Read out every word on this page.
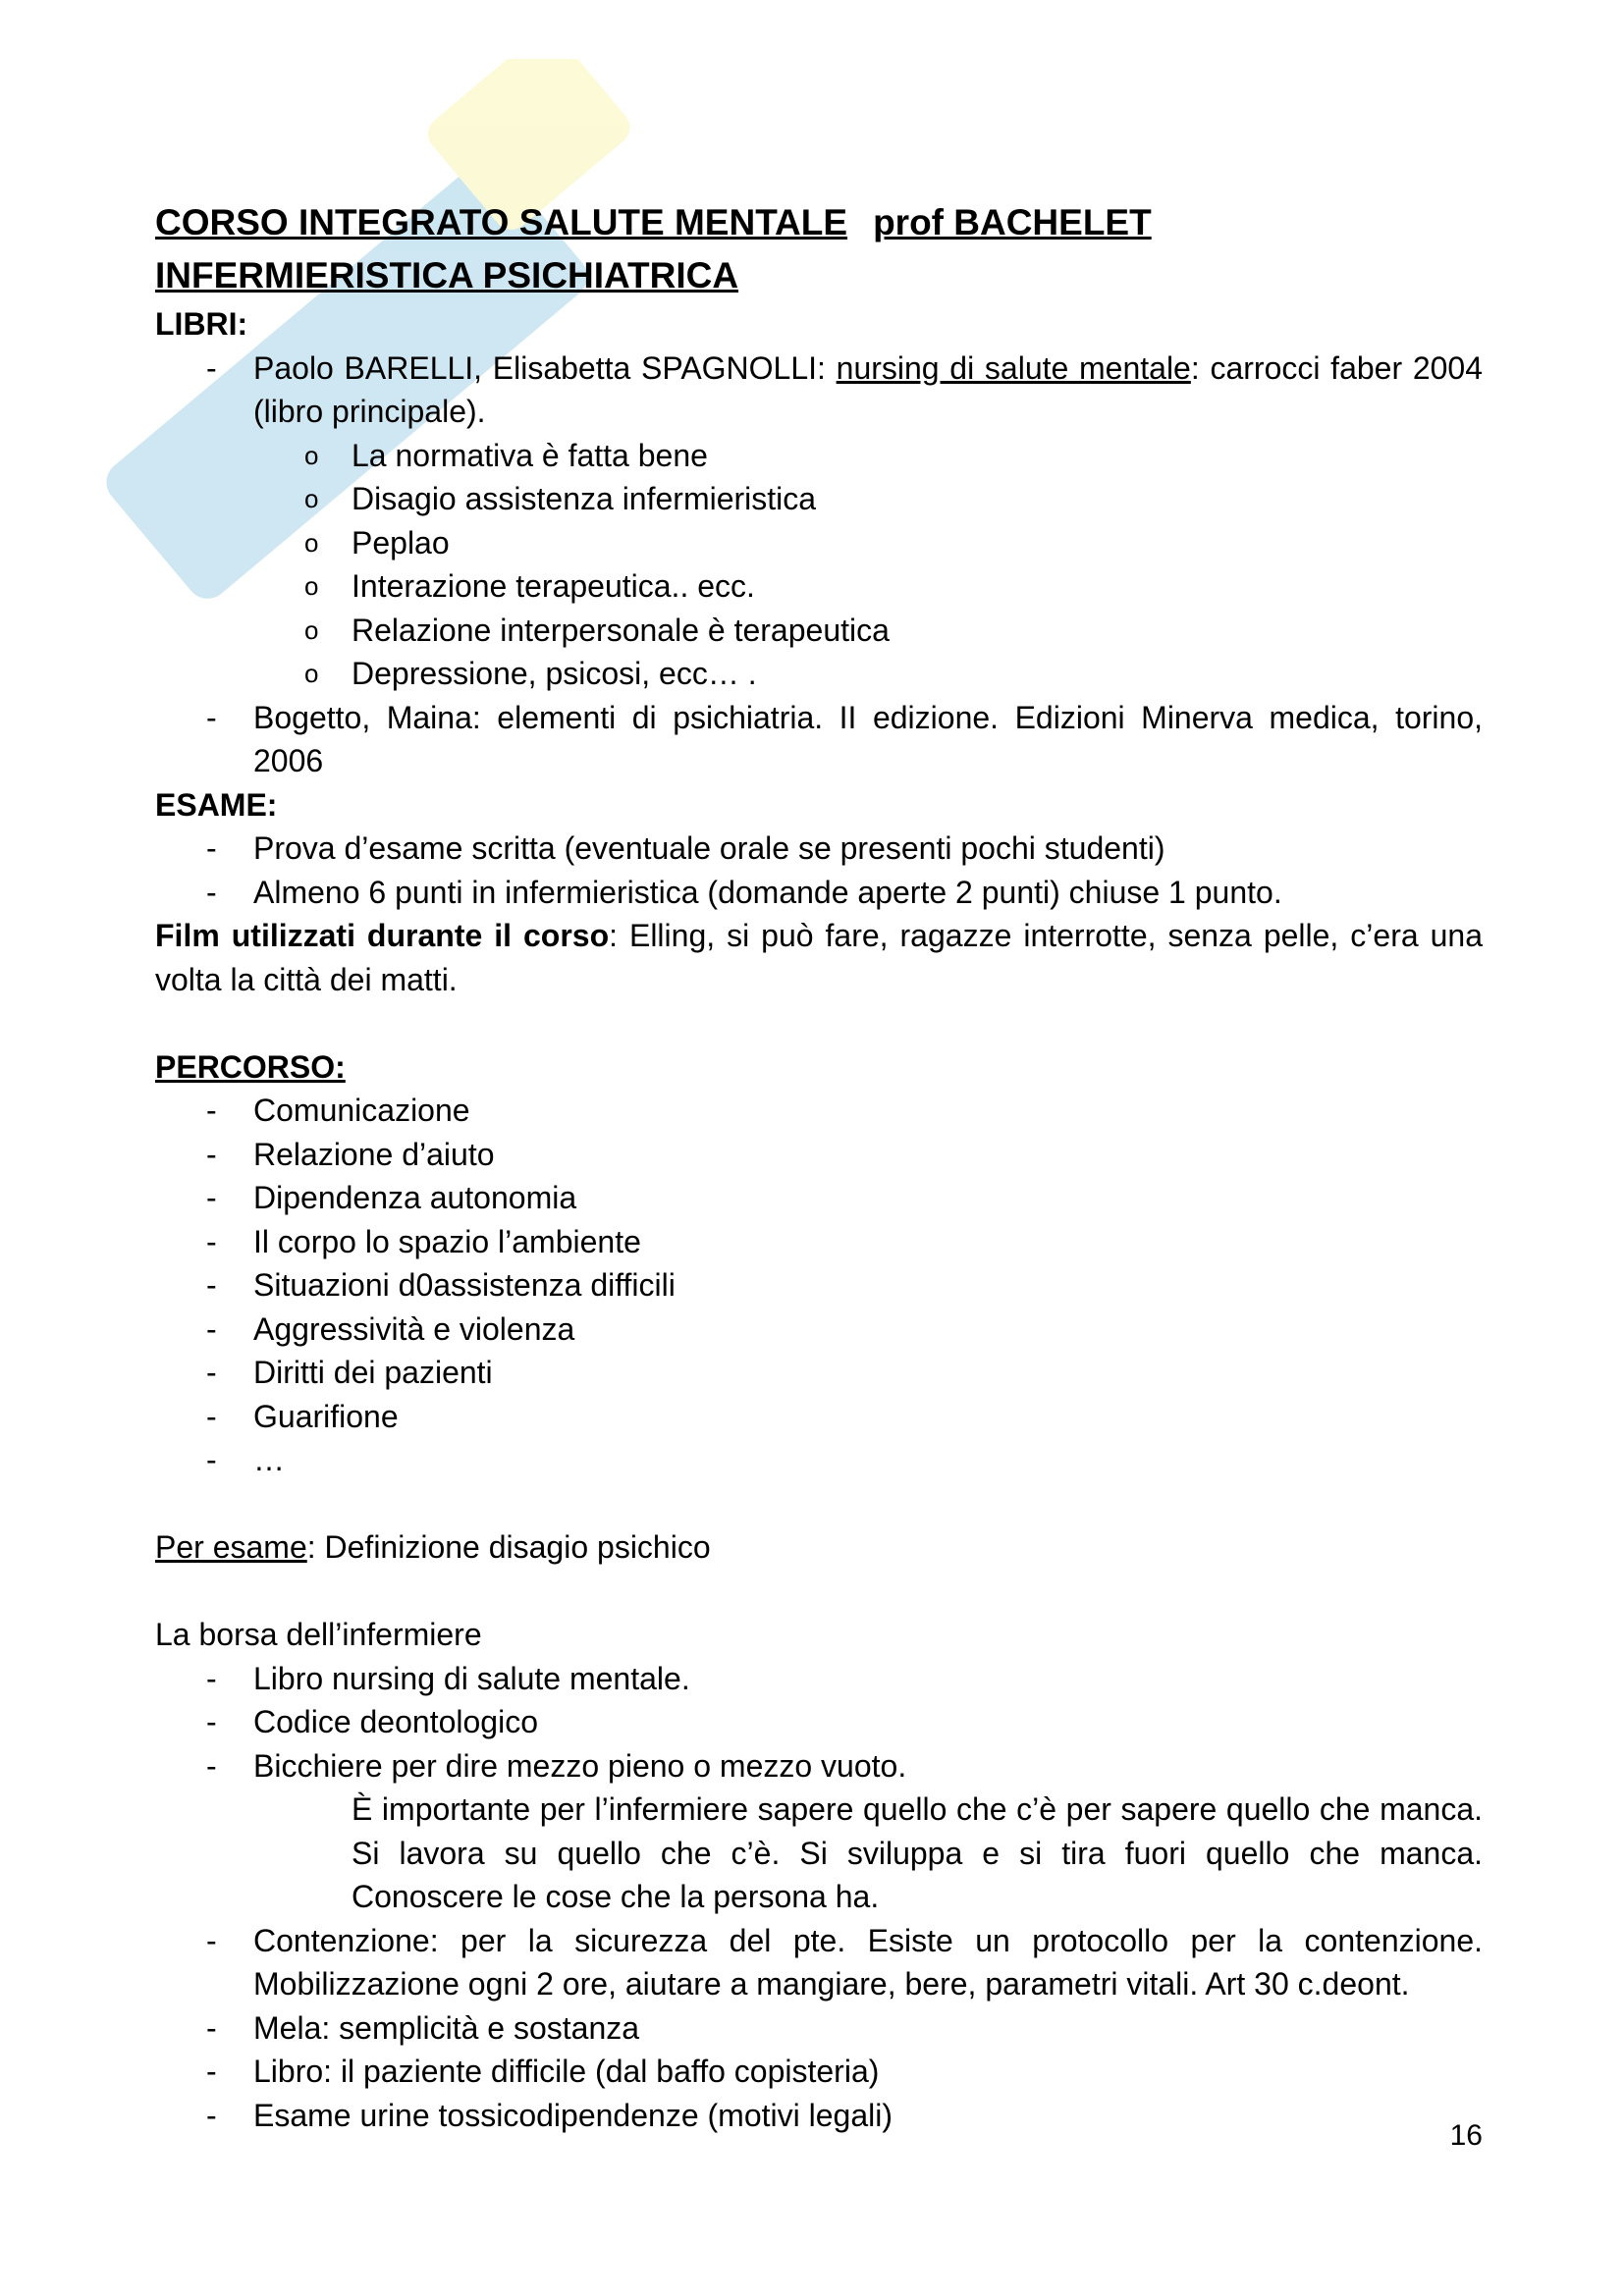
CORSO INTEGRATO SALUTE MENTALE prof BACHELET
INFERMIERISTICA PSICHIATRICA
LIBRI:
- Paolo BARELLI, Elisabetta SPAGNOLLI: nursing di salute mentale: carrocci faber 2004 (libro principale).
o La normativa è fatta bene
o Disagio assistenza infermieristica
o Peplao
o Interazione terapeutica.. ecc.
o Relazione interpersonale è terapeutica
o Depressione, psicosi, ecc… .
- Bogetto, Maina: elementi di psichiatria. II edizione. Edizioni Minerva medica, torino, 2006
ESAME:
- Prova d’esame scritta (eventuale orale se presenti pochi studenti)
- Almeno 6 punti in infermieristica (domande aperte 2 punti) chiuse 1 punto.
Film utilizzati durante il corso: Elling, si può fare, ragazze interrotte, senza pelle, c’era una volta la città dei matti.
PERCORSO:
- Comunicazione
- Relazione d’aiuto
- Dipendenza autonomia
- Il corpo lo spazio l’ambiente
- Situazioni d0assistenza difficili
- Aggressività e violenza
- Diritti dei pazienti
- Guarifione
- …
Per esame: Definizione disagio psichico
La borsa dell’infermiere
- Libro nursing di salute mentale.
- Codice deontologico
- Bicchiere per dire mezzo pieno o mezzo vuoto.
È importante per l’infermiere sapere quello che c’è per sapere quello che manca. Si lavora su quello che c’è. Si sviluppa e si tira fuori quello che manca. Conoscere le cose che la persona ha.
- Contenzione: per la sicurezza del pte. Esiste un protocollo per la contenzione. Mobilizzazione ogni 2 ore, aiutare a mangiare, bere, parametri vitali. Art 30 c.deont.
- Mela: semplicità e sostanza
- Libro: il paziente difficile (dal baffo copisteria)
- Esame urine tossicodipendenze (motivi legali)
16
